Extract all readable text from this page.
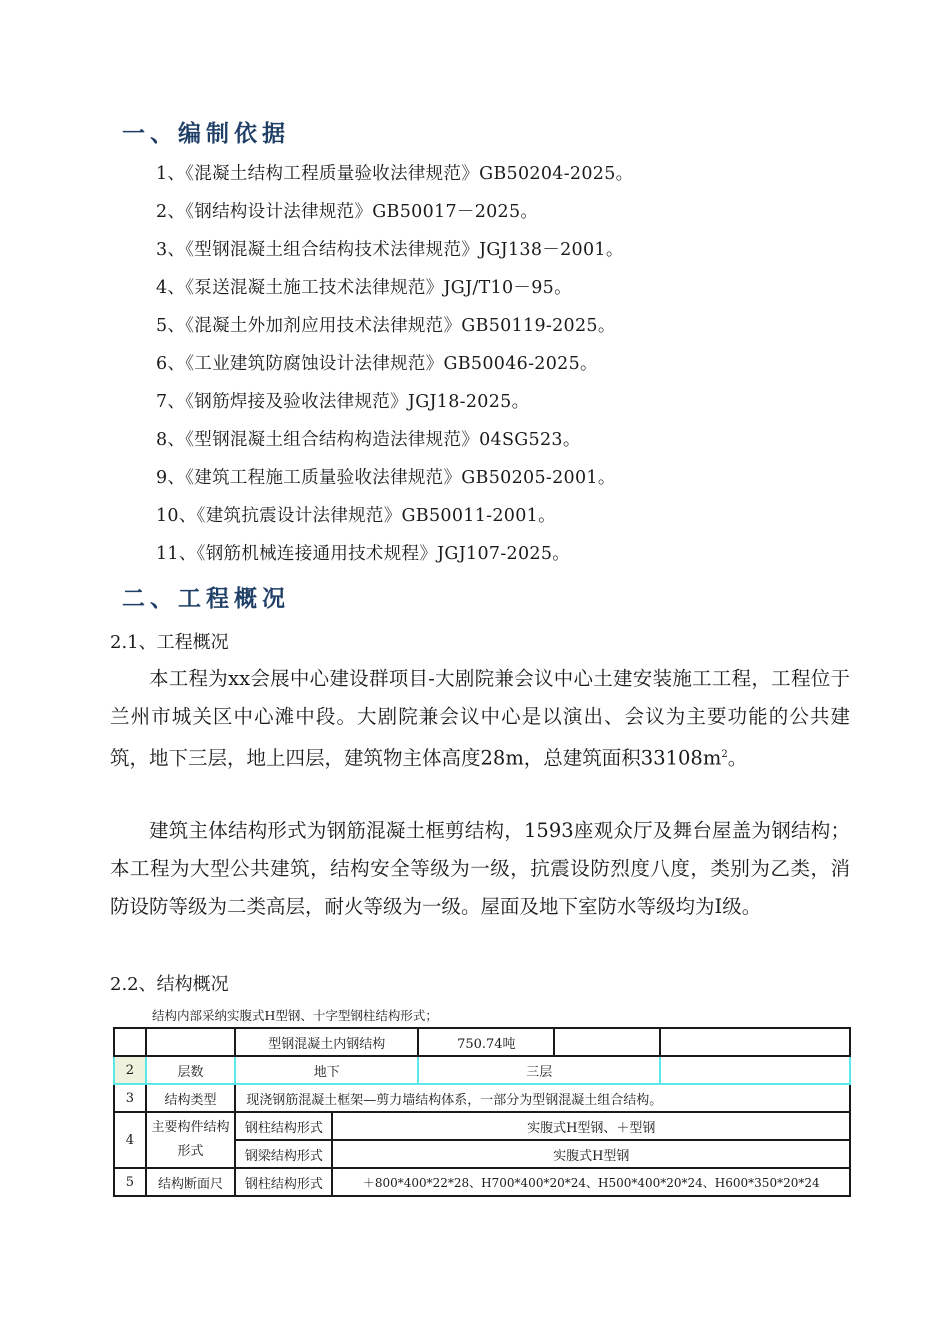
一、编制依据
1、《混凝土结构工程质量验收法律规范》GB50204-2025。
2、《钢结构设计法律规范》GB50017－2025。
3、《型钢混凝土组合结构技术法律规范》JGJ138－2001。
4、《泵送混凝土施工技术法律规范》JGJ/T10－95。
5、《混凝土外加剂应用技术法律规范》GB50119-2025。
6、《工业建筑防腐蚀设计法律规范》GB50046-2025。
7、《钢筋焊接及验收法律规范》JGJ18-2025。
8、《型钢混凝土组合结构构造法律规范》04SG523。
9、《建筑工程施工质量验收法律规范》GB50205-2001。
10、《建筑抗震设计法律规范》GB50011-2001。
11、《钢筋机械连接通用技术规程》JGJ107-2025。
二、工程概况
2.1、工程概况
本工程为xx会展中心建设群项目-大剧院兼会议中心土建安装施工工程，工程位于兰州市城关区中心滩中段。大剧院兼会议中心是以演出、会议为主要功能的公共建筑，地下三层，地上四层，建筑物主体高度28m，总建筑面积$33108m^2$。
建筑主体结构形式为钢筋混凝土框剪结构，1593座观众厅及舞台屋盖为钢结构；本工程为大型公共建筑，结构安全等级为一级，抗震设防烈度八度，类别为乙类，消防设防等级为二类高层，耐火等级为一级。屋面及地下室防水等级均为Ⅰ级。
2.2、结构概况
结构内部采纳实腹式H型钢、十字型钢柱结构形式；
		型钢混凝土内钢结构		750.74吨		
2	层数	地下		三层		
3	结构类型	现浇钢筋混凝土框架—剪力墙结构体系，一部分为型钢混凝土组合结构。				
4	主要构件结构形式	钢柱结构形式	实腹式H型钢、＋型钢			
		钢梁结构形式	实腹式H型钢			
5	结构断面尺	钢柱结构形式	＋800*400*22*28、H700*400*20*24、H500*400*20*24、H600*350*20*24			
